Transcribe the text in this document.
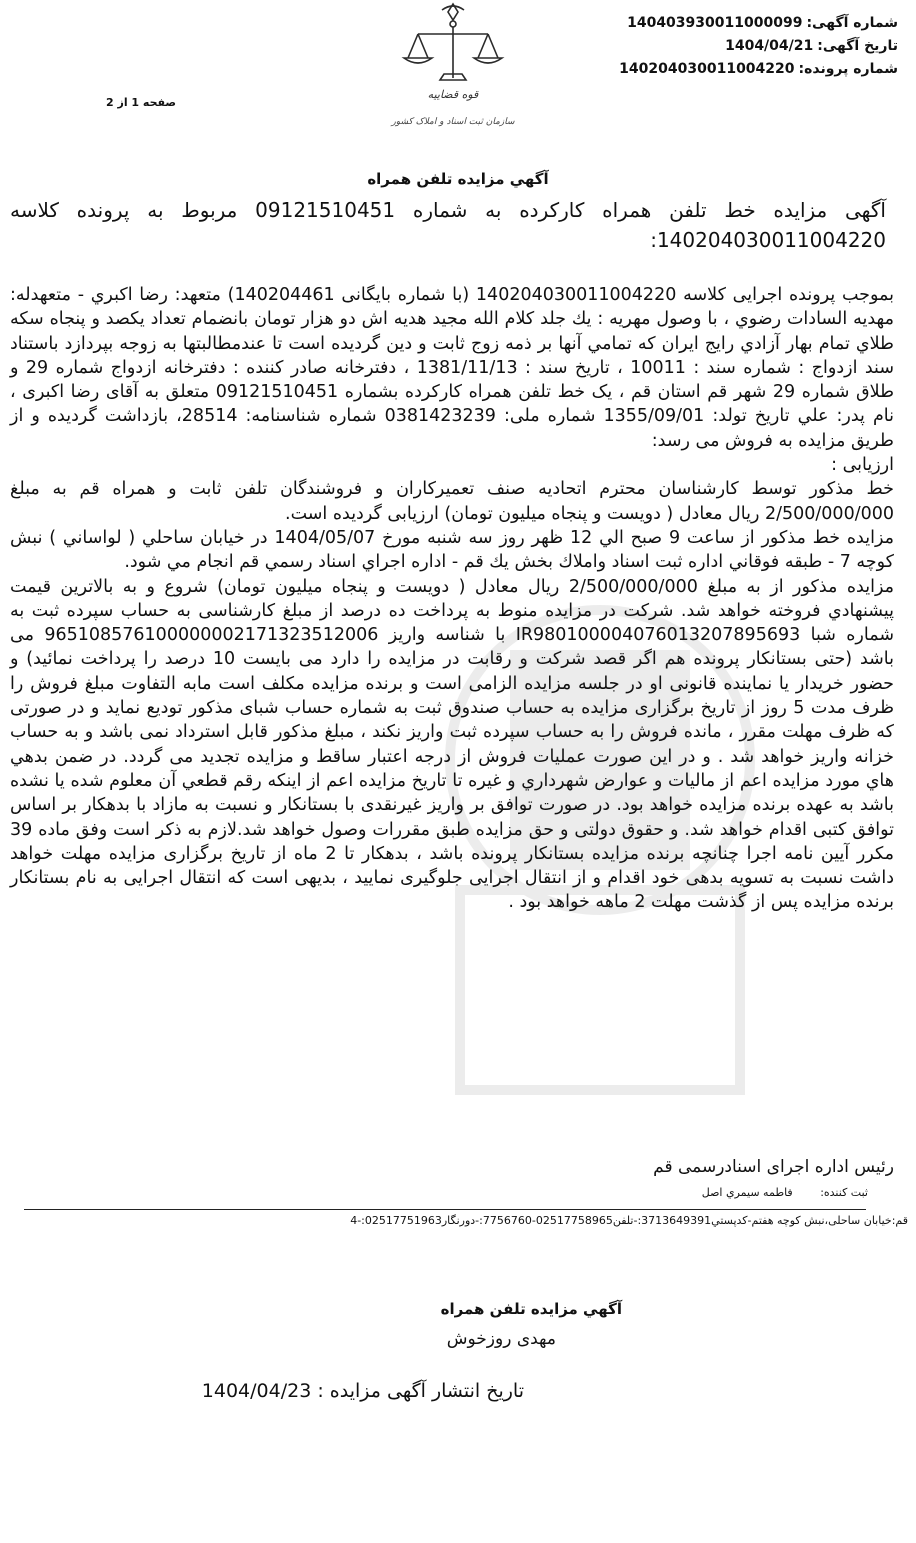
شماره آگهی:140403930011000099
تاریخ آگهی:1404/04/21
شماره پرونده:140204030011004220
قوه قضاییه
سازمان ثبت اسناد و املاک کشور
صفحه 1 از 2
آگهي مزايده تلفن همراه
آگهی مزایده خط تلفن همراه کارکرده به شماره 09121510451 مربوط به پرونده کلاسه 140204030011004220:

بموجب پرونده اجرایی کلاسه 140204030011004220 (با شماره بایگانی 140204461) متعهد: رضا اكبري - متعهدله: مهديه السادات رضوي ، با وصول مهريه : يك جلد كلام الله مجيد هديه اش دو هزار تومان بانضمام تعداد يكصد و پنجاه سكه طلاي تمام بهار آزادي رايج ايران كه تمامي آنها بر ذمه زوج ثابت و دين گرديده است تا عندمطالبتها به زوجه بپردازد باستناد سند ازدواج : شماره سند : 10011 ، تاریخ سند : 1381/11/13 ، دفترخانه صادر کننده : دفترخانه ازدواج شماره 29 و طلاق شماره 29 شهر قم استان قم ، یک خط تلفن همراه کارکرده بشماره 09121510451 متعلق به آقای رضا اکبری ، نام پدر: علي تاريخ تولد: 1355/09/01 شماره ملی: 0381423239 شماره شناسنامه: 28514، بازداشت گردیده و از طریق مزایده به فروش می رسد:

ارزیابی :

خط مذکور توسط کارشناسان محترم اتحادیه صنف تعمیرکاران و فروشندگان تلفن ثابت و همراه قم به مبلغ 2/500/000/000 ریال معادل ( دویست و پنجاه میلیون تومان) ارزیابی گردیده است.

مزايده خط مذکور از ساعت 9 صبح الي 12 ظهر روز سه شنبه مورخ 1404/05/07 در خيابان ساحلي ( لواساني ) نبش كوچه 7 - طبقه فوقاني اداره ثبت اسناد واملاك بخش يك قم - اداره اجراي اسناد رسمي قم انجام مي شود.

مزایده مذکور از به مبلغ 2/500/000/000 ریال معادل ( دویست و پنجاه میلیون تومان) شروع و به بالاترين قيمت پيشنهادي فروخته خواهد شد. شرکت در مزایده منوط به پرداخت ده درصد از مبلغ کارشناسی به حساب سپرده ثبت به شماره شبا IR980100004076013207895693 با شناسه واریز 965108576100000002171323512006 می باشد (حتی بستانکار پرونده هم اگر قصد شرکت و رقابت در مزایده را دارد می بایست 10 درصد را پرداخت نمائید) و حضور خریدار یا نماینده قانونی او در جلسه مزایده الزامی است و برنده مزایده مکلف است مابه التفاوت مبلغ فروش را ظرف مدت 5 روز از تاریخ برگزاری مزایده به حساب صندوق ثبت به شماره حساب شبای مذکور تودیع نماید و در صورتی که ظرف مهلت مقرر ، مانده فروش را به حساب سپرده ثبت واریز نکند ، مبلغ مذکور قابل استرداد نمی باشد و به حساب خزانه واریز خواهد شد . و در این صورت عملیات فروش از درجه اعتبار ساقط و مزایده تجدید می گردد. در ضمن بدهي هاي مورد مزايده اعم از ماليات و عوارض شهرداري و غيره تا تاريخ مزايده اعم از اينكه رقم قطعي آن معلوم شده يا نشده باشد به عهده برنده مزايده خواهد بود. در صورت توافق بر واریز غیرنقدی با بستانکار و نسبت به مازاد با بدهکار بر اساس توافق کتبی اقدام خواهد شد. و حقوق دولتی و حق مزایده طبق مقررات وصول خواهد شد.لازم به ذکر است وفق ماده 39 مکرر آیین نامه اجرا چنانچه برنده مزایده بستانکار پرونده باشد ، بدهکار تا 2 ماه از تاریخ برگزاری مزایده مهلت خواهد داشت نسبت به تسویه بدهی خود اقدام و از انتقال اجرایی جلوگیری نمایید ، بدیهی است که انتقال اجرایی به نام بستانکار برنده مزایده پس از گذشت مهلت 2 ماهه خواهد بود .

رئیس اداره اجرای اسنادرسمی قم
ثبت کننده: فاطمه سيمري اصل
قم:خیابان ساحلی،نبش کوچه هفتم-کدپستي3713649391:-تلفن02517758965-7756760:-دورنگار02517751963:-4
آگهي مزايده تلفن همراه
مهدی روزخوش
تاریخ انتشار آگهی مزایده : 1404/04/23
